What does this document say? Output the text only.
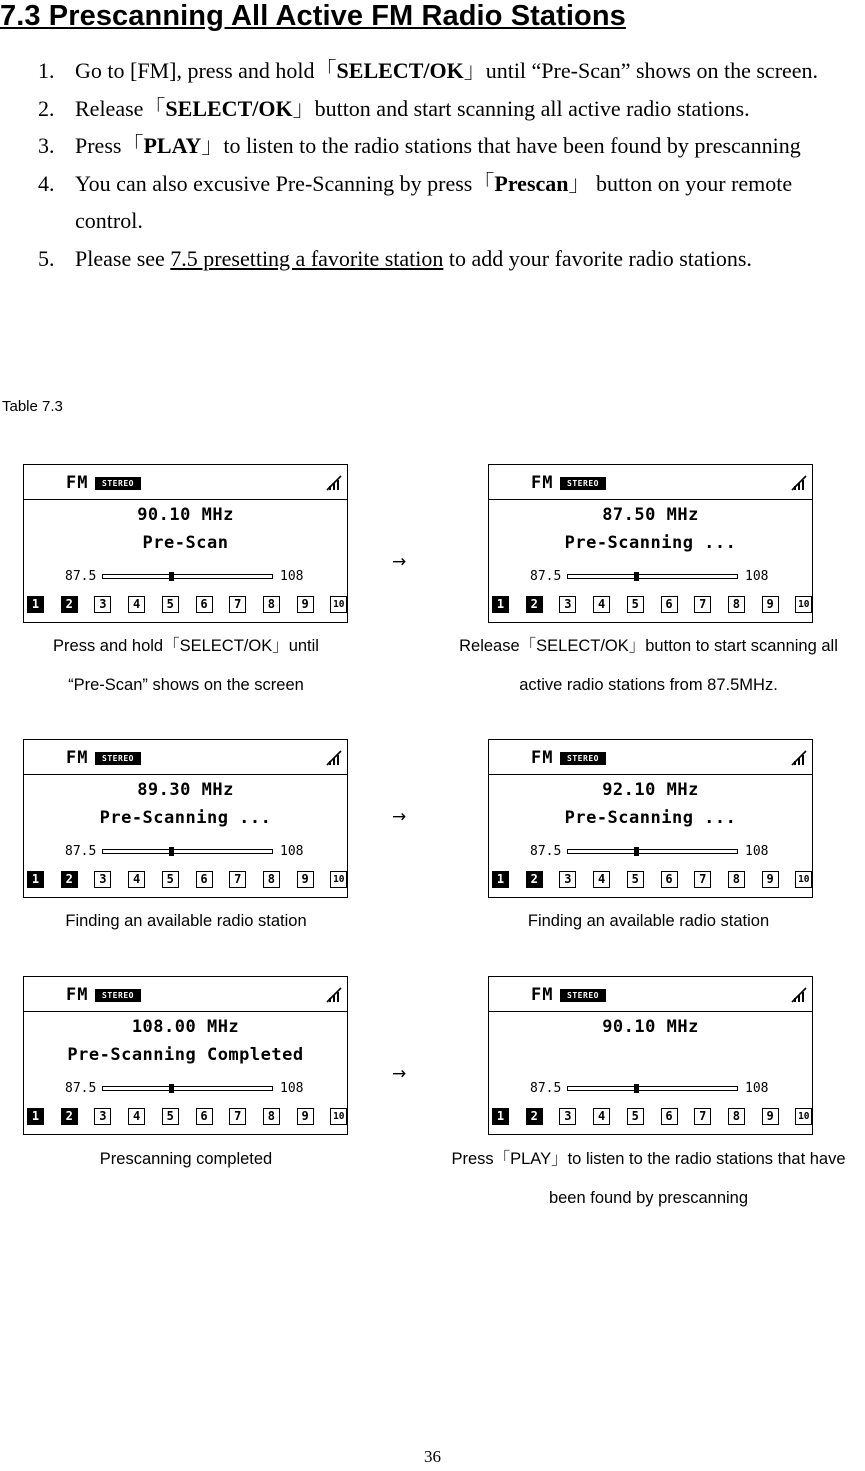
7.3 Prescanning All Active FM Radio Stations
1. Go to [FM], press and hold「SELECT/OK」until “Pre-Scan” shows on the screen.
2. Release「SELECT/OK」button and start scanning all active radio stations.
3. Press「PLAY」to listen to the radio stations that have been found by prescanning
4. You can also excusive Pre-Scanning by press「Prescan」 button on your remote control.
5. Please see 7.5 presetting a favorite station to add your favorite radio stations.
Table 7.3
FM	STEREO
90.10 MHz
Pre-Scan
87.5	108
1	2	3	4	5	6	7	8	9	10
Press and hold「SELECT/OK」until
“Pre-Scan” shows on the screen
FM	STEREO
87.50 MHz
Pre-Scanning ...
87.5	108
1	2	3	4	5	6	7	8	9	10
Release「SELECT/OK」button to start scanning all
active radio stations from 87.5MHz.
FM	STEREO
89.30 MHz
Pre-Scanning ...
87.5	108
1	2	3	4	5	6	7	8	9	10
Finding an available radio station
FM	STEREO
92.10 MHz
Pre-Scanning ...
87.5	108
1	2	3	4	5	6	7	8	9	10
Finding an available radio station
FM	STEREO
108.00 MHz
Pre-Scanning Completed
87.5	108
1	2	3	4	5	6	7	8	9	10
Prescanning completed
FM	STEREO
90.10 MHz
87.5	108
1	2	3	4	5	6	7	8	9	10
Press「PLAY」to listen to the radio stations that have
been found by prescanning
→
→
→
36
